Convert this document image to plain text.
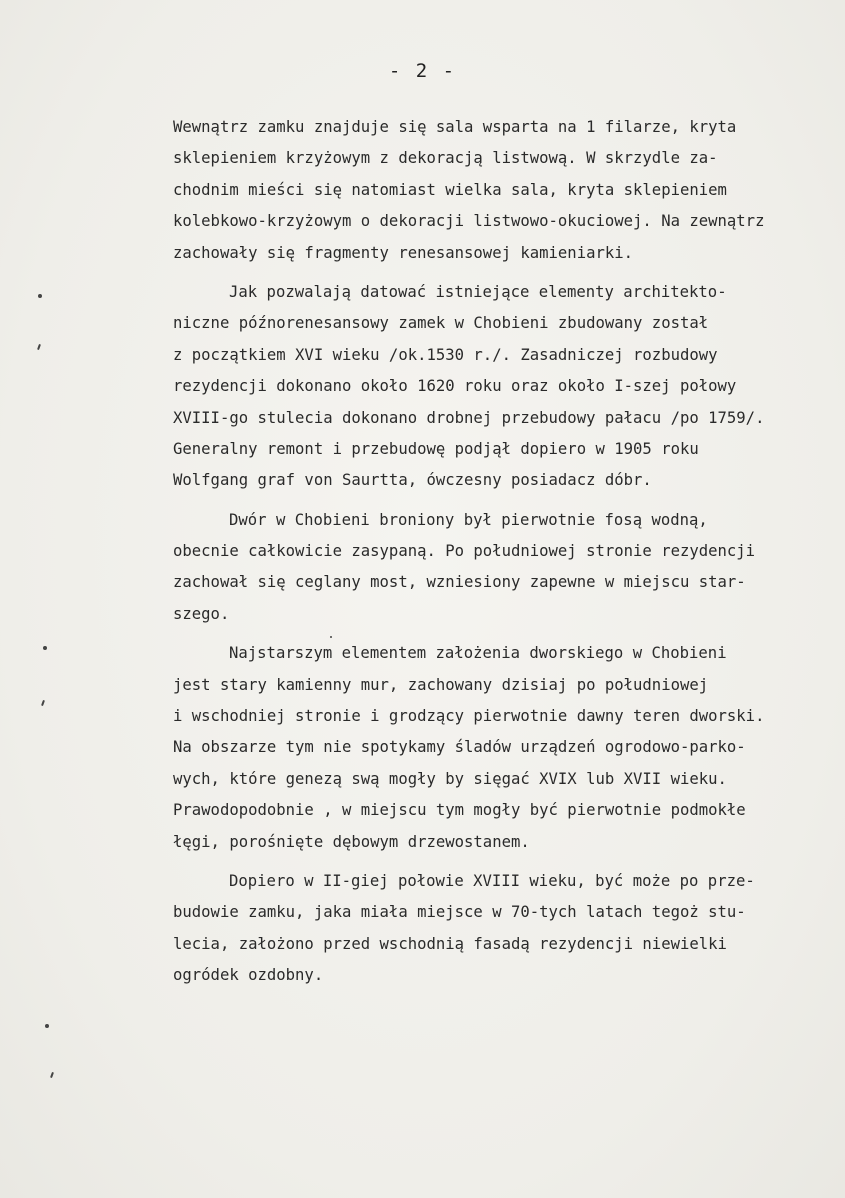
- 2 -
Wewnątrz zamku znajduje się sala wsparta na 1 filarze, kryta
sklepieniem krzyżowym z dekoracją listwową. W skrzydle za-
chodnim mieści się natomiast wielka sala, kryta sklepieniem
kolebkowo-krzyżowym o dekoracji listwowo-okuciowej. Na zewnątrz
zachowały się fragmenty renesansowej kamieniarki.
Jak pozwalają datować istniejące elementy architekto-
niczne późnorenesansowy zamek w Chobieni zbudowany został
z początkiem XVI wieku /ok.1530 r./. Zasadniczej rozbudowy
rezydencji dokonano około 1620 roku oraz około I-szej połowy
XVIII-go stulecia dokonano drobnej przebudowy pałacu /po 1759/.
Generalny remont i przebudowę podjął dopiero w 1905 roku
Wolfgang graf von Saurtta, ówczesny posiadacz dóbr.
Dwór w Chobieni broniony był pierwotnie fosą wodną,
obecnie całkowicie zasypaną. Po południowej stronie rezydencji
zachował się ceglany most, wzniesiony zapewne w miejscu star-
szego.
Najstarszym elementem założenia dworskiego w Chobieni
jest stary kamienny mur, zachowany dzisiaj po południowej
i wschodniej stronie i grodzący pierwotnie dawny teren dworski.
Na obszarze tym nie spotykamy śladów urządzeń ogrodowo-parko-
wych, które genezą swą mogły by sięgać XVIX lub XVII wieku.
Prawodopodobnie , w miejscu tym mogły być pierwotnie podmokłe
łęgi, porośnięte dębowym drzewostanem.
Dopiero w II-giej połowie XVIII wieku, być może po prze-
budowie zamku, jaka miała miejsce w 70-tych latach tegoż stu-
lecia, założono przed wschodnią fasadą rezydencji niewielki
ogródek ozdobny.
